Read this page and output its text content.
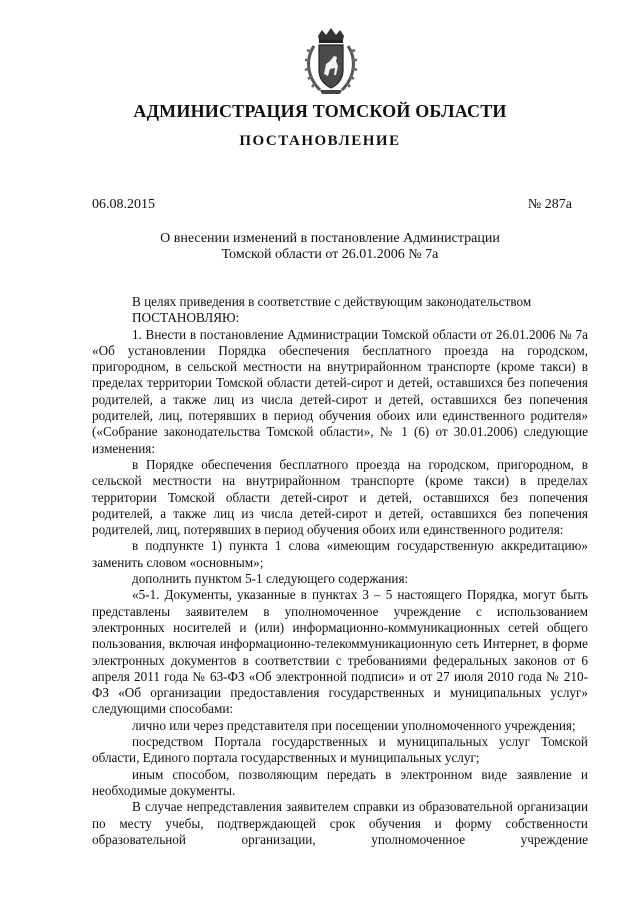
АДМИНИСТРАЦИЯ ТОМСКОЙ ОБЛАСТИ
ПОСТАНОВЛЕНИЕ
06.08.2015	№ 287а
О внесении изменений в постановление Администрации
Томской области от 26.01.2006 № 7а

В целях приведения в соответствие с действующим законодательством

ПОСТАНОВЛЯЮ:

1. Внести в постановление Администрации Томской области от 26.01.2006 № 7а «Об установлении Порядка обеспечения бесплатного проезда на городском, пригородном, в сельской местности на внутрирайонном транспорте (кроме такси) в пределах территории Томской области детей-сирот и детей, оставшихся без попечения родителей, а также лиц из числа детей-сирот и детей, оставшихся без попечения родителей, лиц, потерявших в период обучения обоих или единственного родителя» («Собрание законодательства Томской области», № 1 (6) от 30.01.2006) следующие изменения:

в Порядке обеспечения бесплатного проезда на городском, пригородном, в сельской местности на внутрирайонном транспорте (кроме такси) в пределах территории Томской области детей-сирот и детей, оставшихся без попечения родителей, а также лиц из числа детей-сирот и детей, оставшихся без попечения родителей, лиц, потерявших в период обучения обоих или единственного родителя:

в подпункте 1) пункта 1 слова «имеющим государственную аккредитацию» заменить словом «основным»;

дополнить пунктом 5-1 следующего содержания:

«5-1. Документы, указанные в пунктах 3 – 5 настоящего Порядка, могут быть представлены заявителем в уполномоченное учреждение с использованием электронных носителей и (или) информационно-коммуникационных сетей общего пользования, включая информационно-телекоммуникационную сеть Интернет, в форме электронных документов в соответствии с требованиями федеральных законов от 6 апреля 2011 года № 63-ФЗ «Об электронной подписи» и от 27 июля 2010 года № 210-ФЗ «Об организации предоставления государственных и муниципальных услуг» следующими способами:

лично или через представителя при посещении уполномоченного учреждения;

посредством Портала государственных и муниципальных услуг Томской области, Единого портала государственных и муниципальных услуг;

иным способом, позволяющим передать в электронном виде заявление и необходимые документы.

В случае непредставления заявителем справки из образовательной организации по месту учебы, подтверждающей срок обучения и форму собственности образовательной организации, уполномоченное учреждение
